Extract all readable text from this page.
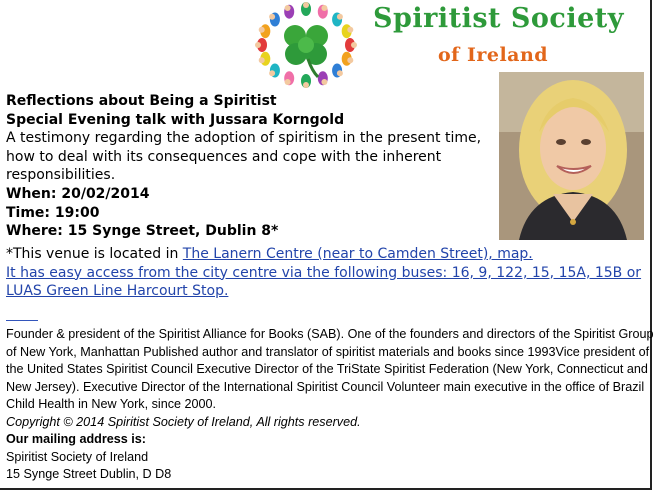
Spiritist Society
of Ireland
Reflections about Being a Spiritist
Special Evening talk with Jussara Korngold
A testimony regarding the adoption of spiritism in the present time, how to deal with its consequences and cope with the inherent responsibilities.
When: 20/02/2014
Time: 19:00
Where: 15 Synge Street, Dublin 8*
*This venue is located in The Lanern Centre (near to Camden Street), map.
It has easy access from the city centre via the following buses: 16, 9, 122, 15, 15A, 15B or LUAS Green Line Harcourt Stop.
Founder & president of the Spiritist Alliance for Books (SAB). One of the founders and directors of the Spiritist Group of New York, Manhattan Published author and translator of spiritist materials and books since 1993Vice president of the United States Spiritist Council Executive Director of the TriState Spiritist Federation (New York, Connecticut and New Jersey). Executive Director of the International Spiritist Council Volunteer main executive in the office of Brazil Child Health in New York, since 2000.
Copyright © 2014 Spiritist Society of Ireland, All rights reserved.
Our mailing address is:
Spiritist Society of Ireland
15 Synge Street Dublin, D D8
